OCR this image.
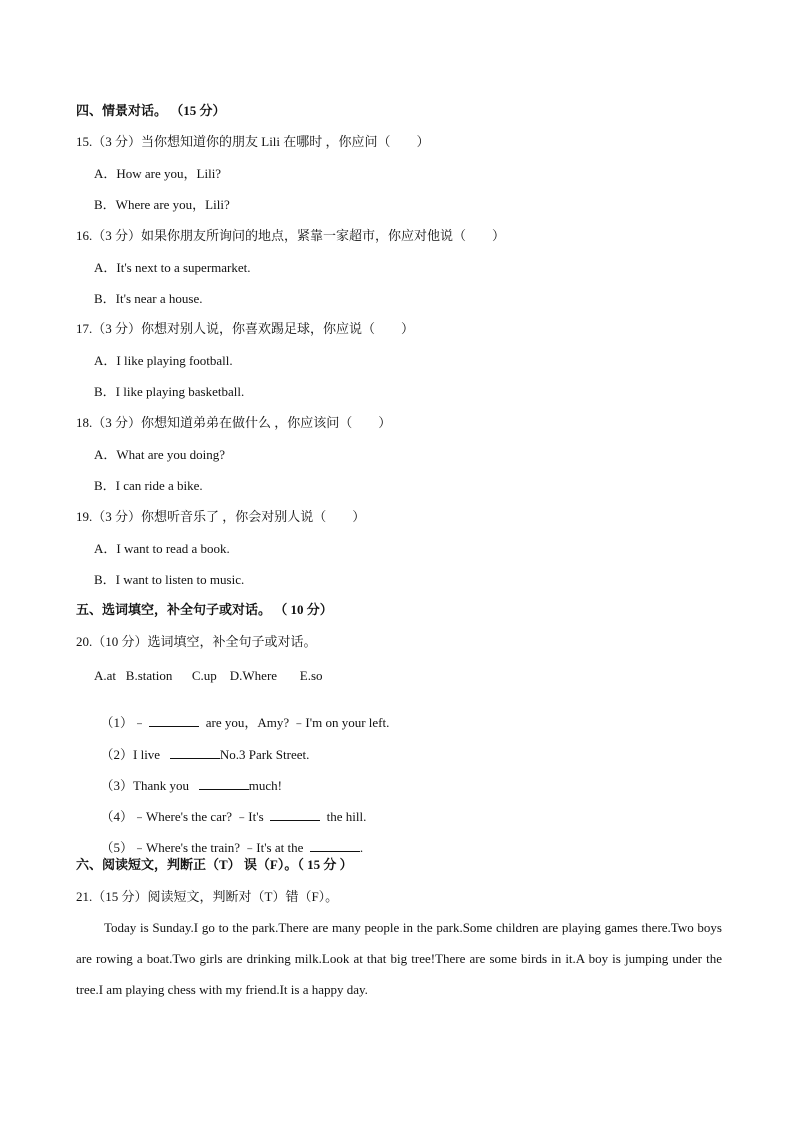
四、情景对话。 （15 分）
15.（3 分）当你想知道你的朋友 Lili 在哪时 ，你应问（　　）
A．How are you，Lili?
B．Where are you，Lili?
16.（3 分）如果你朋友所询问的地点，紧靠一家超市，你应对他说（　　）
A．It's next to a supermarket.
B．It's near a house.
17.（3 分）你想对别人说，你喜欢踢足球，你应说（　　）
A．I like playing football.
B．I like playing basketball.
18.（3 分）你想知道弟弟在做什么 ，你应该问（　　）
A．What are you doing?
B．I can ride a bike.
19.（3 分）你想听音乐了 ，你会对别人说（　　）
A．I want to read a book.
B．I want to listen to music.
五、选词填空，补全句子或对话。 （ 10 分）
20.（10 分）选词填空，补全句子或对话。
A.at   B.station      C.up    D.Where       E.so

（1）﹣	are you，Amy? ﹣I'm on your left.

（2）I live	No.3 Park Street.

（3）Thank you	much!

（4）﹣Where's the car? ﹣It's	the hill.

（5）﹣Where's the train? ﹣It's at the	.

六、阅读短文，判断正（T） 误（F）。（ 15 分 ）
21.（15 分）阅读短文，判断对（T）错（F）。
Today is Sunday.I go to the park.There are many people in the park.Some children are playing games there.Two boys are rowing a boat.Two girls are drinking milk.Look at that big tree!There are some birds in it.A boy is jumping under the tree.I am playing chess with my friend.It is a happy day.
